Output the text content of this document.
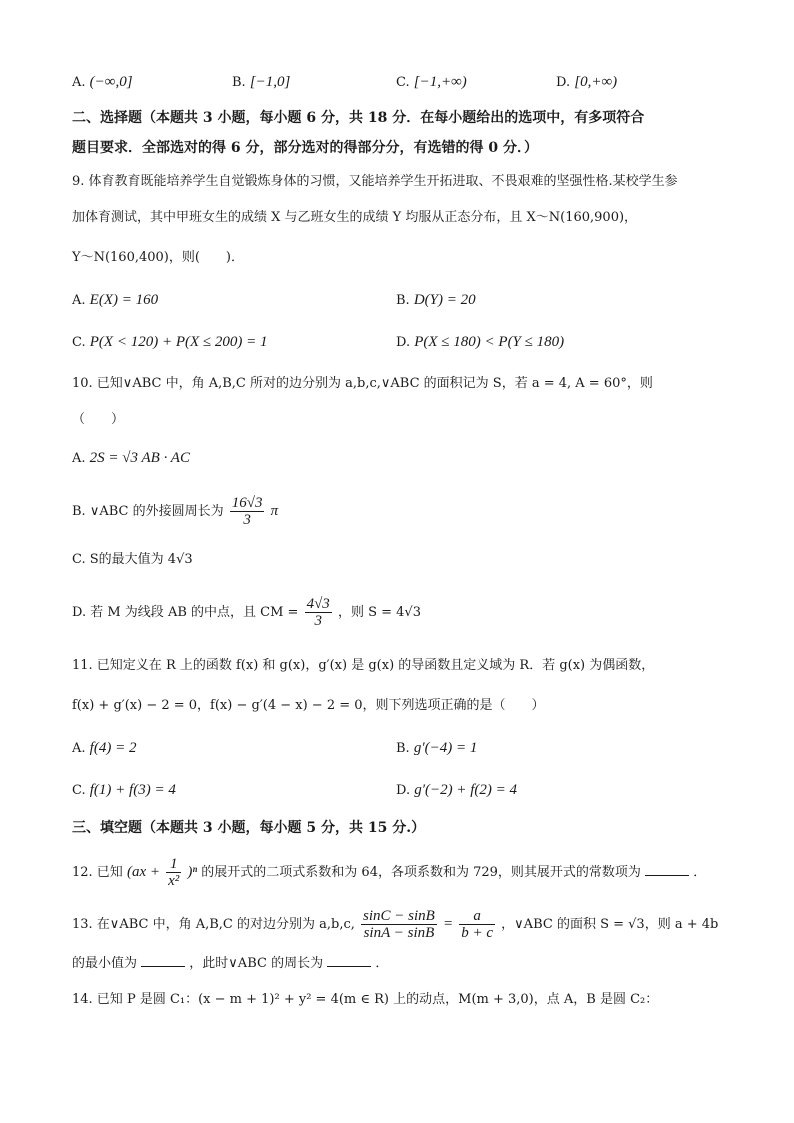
A. (−∞,0]	B. [−1,0]	C. [−1,+∞)	D. [0,+∞)
二、选择题（本题共 3 小题，每小题 6 分，共 18 分．在每小题给出的选项中，有多项符合
题目要求．全部选对的得 6 分，部分选对的得部分分，有选错的得 0 分．）
9. 体育教育既能培养学生自觉锻炼身体的习惯，又能培养学生开拓进取、不畏艰难的坚强性格.某校学生参
加体育测试，其中甲班女生的成绩 X 与乙班女生的成绩 Y 均服从正态分布，且 X～N(160,900)，
Y～N(160,400)，则(　　)．
A. E(X) = 160	B. D(Y) = 20
C. P(X < 120) + P(X ≤ 200) = 1	D. P(X ≤ 180) < P(Y ≤ 180)
10. 已知∨ABC 中，角 A,B,C 所对的边分别为 a,b,c,∨ABC 的面积记为 S，若 a = 4, A = 60°，则
（　　）
A. 2S = √3 AB · AC
B. ∨ABC 的外接圆周长为 $\frac{16√3}{3}$ π
C. S的最大值为 4√3
D. 若 M 为线段 AB 的中点，且 CM = $\frac{4√3}{3}$ ，则 S = 4√3
11. 已知定义在 R 上的函数 f(x) 和 g(x)，g′(x) 是 g(x) 的导函数且定义域为 R．若 g(x) 为偶函数，
f(x) + g′(x) − 2 = 0，f(x) − g′(4 − x) − 2 = 0，则下列选项正确的是（　　）
A. f(4) = 2	B. g′(−4) = 1
C. f(1) + f(3) = 4	D. g′(−2) + f(2) = 4
三、填空题（本题共 3 小题，每小题 5 分，共 15 分.）
12. 已知 $(ax + \frac{1}{\text{x²}} )^n$ 的展开式的二项式系数和为 64，各项系数和为 729，则其展开式的常数项为	．
13. 在∨ABC 中，角 A,B,C 的对边分别为 a,b,c, $\frac{\sin C - \sin B}{\sin A - \sin B} = \frac{a}{b + c}$ ，∨ABC 的面积 S = √3，则 a + 4b
的最小值为	，此时∨ABC 的周长为	．
14. 已知 P 是圆 C₁：(x − m + 1)² + y² = 4(m ∈ R) 上的动点，M(m + 3,0)，点 A，B 是圆 C₂：
